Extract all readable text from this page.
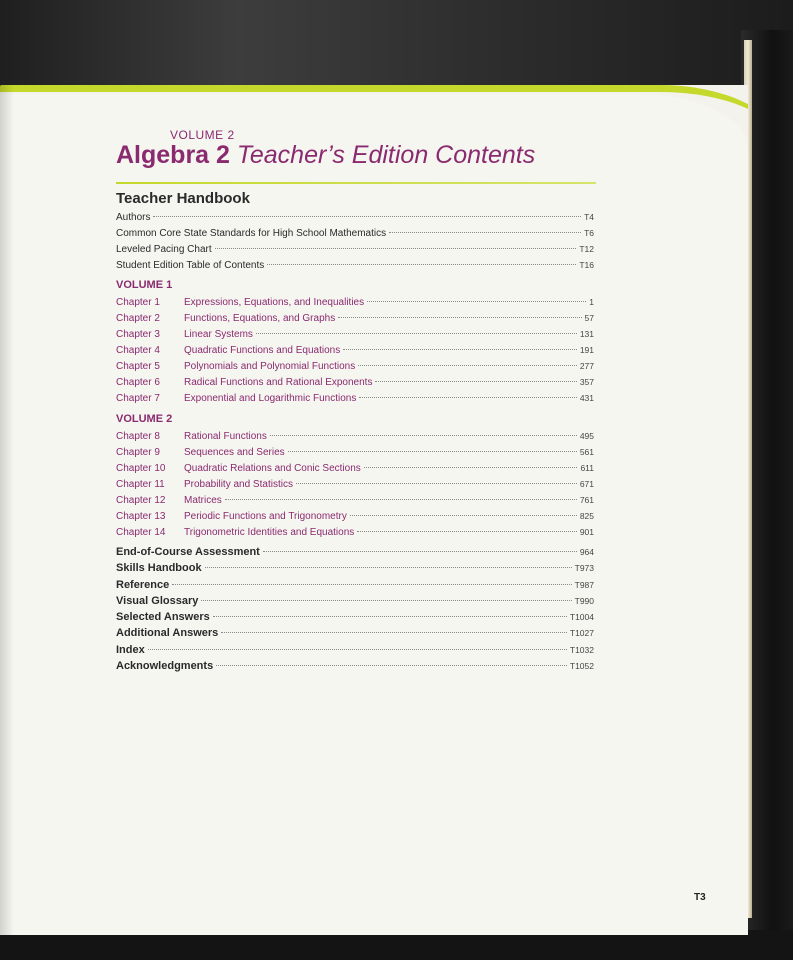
VOLUME 2
Algebra 2 Teacher’s Edition Contents
Teacher Handbook
Authors	T4
Common Core State Standards for High School Mathematics	T6
Leveled Pacing Chart	T12
Student Edition Table of Contents	T16
VOLUME 1
Chapter 1	Expressions, Equations, and Inequalities	1
Chapter 2	Functions, Equations, and Graphs	57
Chapter 3	Linear Systems	131
Chapter 4	Quadratic Functions and Equations	191
Chapter 5	Polynomials and Polynomial Functions	277
Chapter 6	Radical Functions and Rational Exponents	357
Chapter 7	Exponential and Logarithmic Functions	431
VOLUME 2
Chapter 8	Rational Functions	495
Chapter 9	Sequences and Series	561
Chapter 10	Quadratic Relations and Conic Sections	611
Chapter 11	Probability and Statistics	671
Chapter 12	Matrices	761
Chapter 13	Periodic Functions and Trigonometry	825
Chapter 14	Trigonometric Identities and Equations	901
End-of-Course Assessment	964
Skills Handbook	T973
Reference	T987
Visual Glossary	T990
Selected Answers	T1004
Additional Answers	T1027
Index	T1032
Acknowledgments	T1052
T3
